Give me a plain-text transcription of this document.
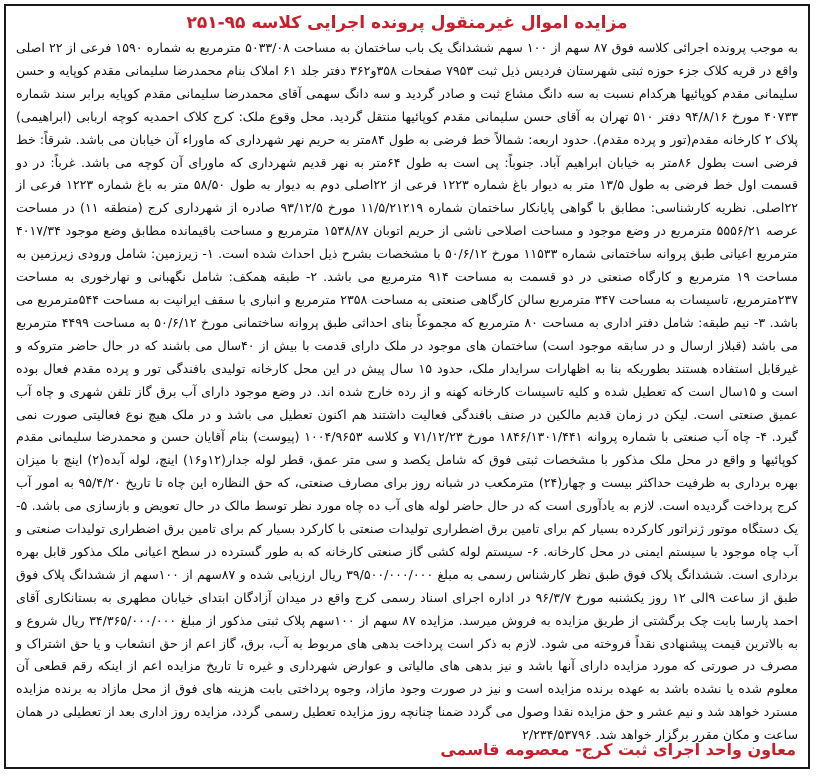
مزایده اموال غیرمنقول پرونده اجرایی کلاسه ۹۵-۲۵۱

به موجب پرونده اجرائی کلاسه فوق ۸۷ سهم از ۱۰۰ سهم ششدانگ یک باب ساختمان به مساحت ۵۰۳۳/۰۸ مترمربع به شماره ۱۵۹۰ فرعی از ۲۲ اصلی واقع در قریه کلاک جزء حوزه ثبتی شهرستان فردیس ذیل ثبت ۷۹۵۳ صفحات ۳۵۸و۳۶۲ دفتر جلد ۶۱ املاک بنام محمدرضا سلیمانی مقدم کوپایه و حسن سلیمانی مقدم کوپائیها هرکدام نسبت به سه دانگ مشاع ثبت و صادر گردید و سه دانگ سهمی آقای محمدرضا سلیمانی مقدم کوپایه برابر سند شماره ۴۰۷۳۳ مورخ ۹۴/۸/۱۶ دفتر ۵۱۰ تهران به آقای حسن سلیمانی مقدم کوپائیها منتقل گردید. محل وقوع ملک: کرج کلاک احمدیه کوچه اربابی (ابراهیمی) پلاک ۲ کارخانه مقدم(تور و پرده مقدم). حدود اربعه: شمالاً خط فرضی به طول ۸۴متر به حریم نهر شهرداری که ماوراء آن خیابان می باشد. شرقاً: خط فرضی است بطول ۸۶متر به خیابان ابراهیم آباد. جنوباً: پی است به طول ۶۴متر به نهر قدیم شهرداری که ماورای آن کوچه می باشد. غرباً: در دو قسمت اول خط فرضی به طول ۱۳/۵ متر به دیوار باغ شماره ۱۲۲۳ فرعی از ۲۲اصلی دوم به دیوار به طول ۵۸/۵۰ متر به باغ شماره ۱۲۲۳ فرعی از ۲۲اصلی. نظریه کارشناسی: مطابق با گواهی پایانکار ساختمان شماره ۱۱/۵/۲۱۲۱۹ مورخ ۹۳/۱۲/۵ صادره از شهرداری کرج (منطقه ۱۱) در مساحت عرصه ۵۵۵۶/۲۱ مترمربع در وضع موجود و مساحت اصلاحی ناشی از حریم اتوبان ۱۵۳۸/۸۷ مترمربع و مساحت باقیمانده مطابق وضع موجود ۴۰۱۷/۳۴ مترمربع اعیانی طبق پروانه ساختمانی شماره ۱۱۵۳۳ مورخ ۵۰/۶/۱۲ با مشخصات بشرح ذیل احداث شده است. ۱- زیرزمین: شامل ورودی زیرزمین به مساحت ۱۹ مترمربع و کارگاه صنعتی در دو قسمت به مساحت ۹۱۴ مترمربع می باشد. ۲- طبقه همکف: شامل نگهبانی و نهارخوری به مساحت ۲۳۷مترمربع، تاسیسات به مساحت ۳۴۷ مترمربع سالن کارگاهی صنعتی به مساحت ۲۳۵۸ مترمربع و انباری با سقف ایرانیت به مساحت ۵۴۴مترمربع می باشد. ۳- نیم طبقه: شامل دفتر اداری به مساحت ۸۰ مترمربع که مجموعاً بنای احداثی طبق پروانه ساختمانی مورخ ۵۰/۶/۱۲ به مساحت ۴۴۹۹ مترمربع می باشد (قبلاز ارسال و در سابقه موجود است) ساختمان های موجود در ملک دارای قدمت با بیش از ۴۰سال می باشند که در حال حاضر متروکه و غیرقابل استفاده هستند بطوریکه بنا به اظهارات سرایدار ملک، حدود ۱۵ سال پیش در این محل کارخانه تولیدی بافندگی تور و پرده مقدم فعال بوده است و ۱۵سال است که تعطیل شده و کلیه تاسیسات کارخانه کهنه و از رده خارج شده اند. در وضع موجود دارای آب برق گاز تلفن شهری و چاه آب عمیق صنعتی است. لیکن در زمان قدیم مالکین در صنف بافندگی فعالیت داشتند هم اکنون تعطیل می باشد و در ملک هیچ نوع فعالیتی صورت نمی گیرد. ۴- چاه آب صنعتی با شماره پروانه ۱۸۴۶/۱۳۰۱/۴۴۱ مورخ ۷۱/۱۲/۲۳ و کلاسه ۱۰۰۴/۹۶۵۳ (پیوست) بنام آقایان حسن و محمدرضا سلیمانی مقدم کوپائیها و واقع در محل ملک مذکور با مشخصات ثبتی فوق که شامل یکصد و سی متر عمق، قطر لوله جدار(۱۲و۱۶) اینچ، لوله آبده(۲) اینچ با میزان بهره برداری به ظرفیت حداکثر بیست و چهار(۲۴) مترمکعب در شبانه روز برای مصارف صنعتی، که حق النظاره این چاه تا تاریخ ۹۵/۴/۲۰ به امور آب کرج پرداخت گردیده است. لازم به یادآوری است که در حال حاضر لوله های آب ده چاه مورد نظر توسط مالک در حال تعویض و بازسازی می باشد. ۵- یک دستگاه موتور ژنراتور کارکرده بسیار کم برای تامین برق اضطراری تولیدات صنعتی با کارکرد بسیار کم برای تامین برق اضطراری تولیدات صنعتی و آب چاه موجود با سیستم ایمنی در محل کارخانه. ۶- سیستم لوله کشی گاز صنعتی کارخانه که به طور گسترده در سطح اعیانی ملک مذکور قابل بهره برداری است. ششدانگ پلاک فوق طبق نظر کارشناس رسمی به مبلغ ۳۹/۵۰۰/۰۰۰/۰۰۰ ریال ارزیابی شده و ۸۷سهم از ۱۰۰سهم از ششدانگ پلاک فوق طبق از ساعت ۹الی ۱۲ روز یکشنبه مورخ ۹۶/۳/۷ در اداره اجرای اسناد رسمی کرج واقع در میدان آزادگان ابتدای خیابان مطهری به بستانکاری آقای احمد پارسا بابت چک برگشتی از طریق مزایده به فروش میرسد. مزایده ۸۷ سهم از ۱۰۰سهم پلاک ثبتی مذکور از مبلغ ۳۴/۳۶۵/۰۰۰/۰۰۰ ریال شروع و به بالاترین قیمت پیشنهادی نقداً فروخته می شود. لازم به ذکر است پرداخت بدهی های مربوط به آب، برق، گاز اعم از حق انشعاب و یا حق اشتراک و مصرف در صورتی که مورد مزایده دارای آنها باشد و نیز بدهی های مالیاتی و عوارض شهرداری و غیره تا تاریخ مزایده اعم از اینکه رقم قطعی آن معلوم شده یا نشده باشد به عهده برنده مزایده است و نیز در صورت وجود مازاد، وجوه پرداختی بابت هزینه های فوق از محل مازاد به برنده مزایده مسترد خواهد شد و نیم عشر و حق مزایده نقدا وصول می گردد ضمنا چنانچه روز مزایده تعطیل رسمی گردد، مزایده روز اداری بعد از تعطیلی در همان ساعت و مکان مقرر برگزار خواهد شد. ۲/۲۳۴/۵۳۷۹۶

معاون واحد اجرای ثبت کرج- معصومه قاسمی
